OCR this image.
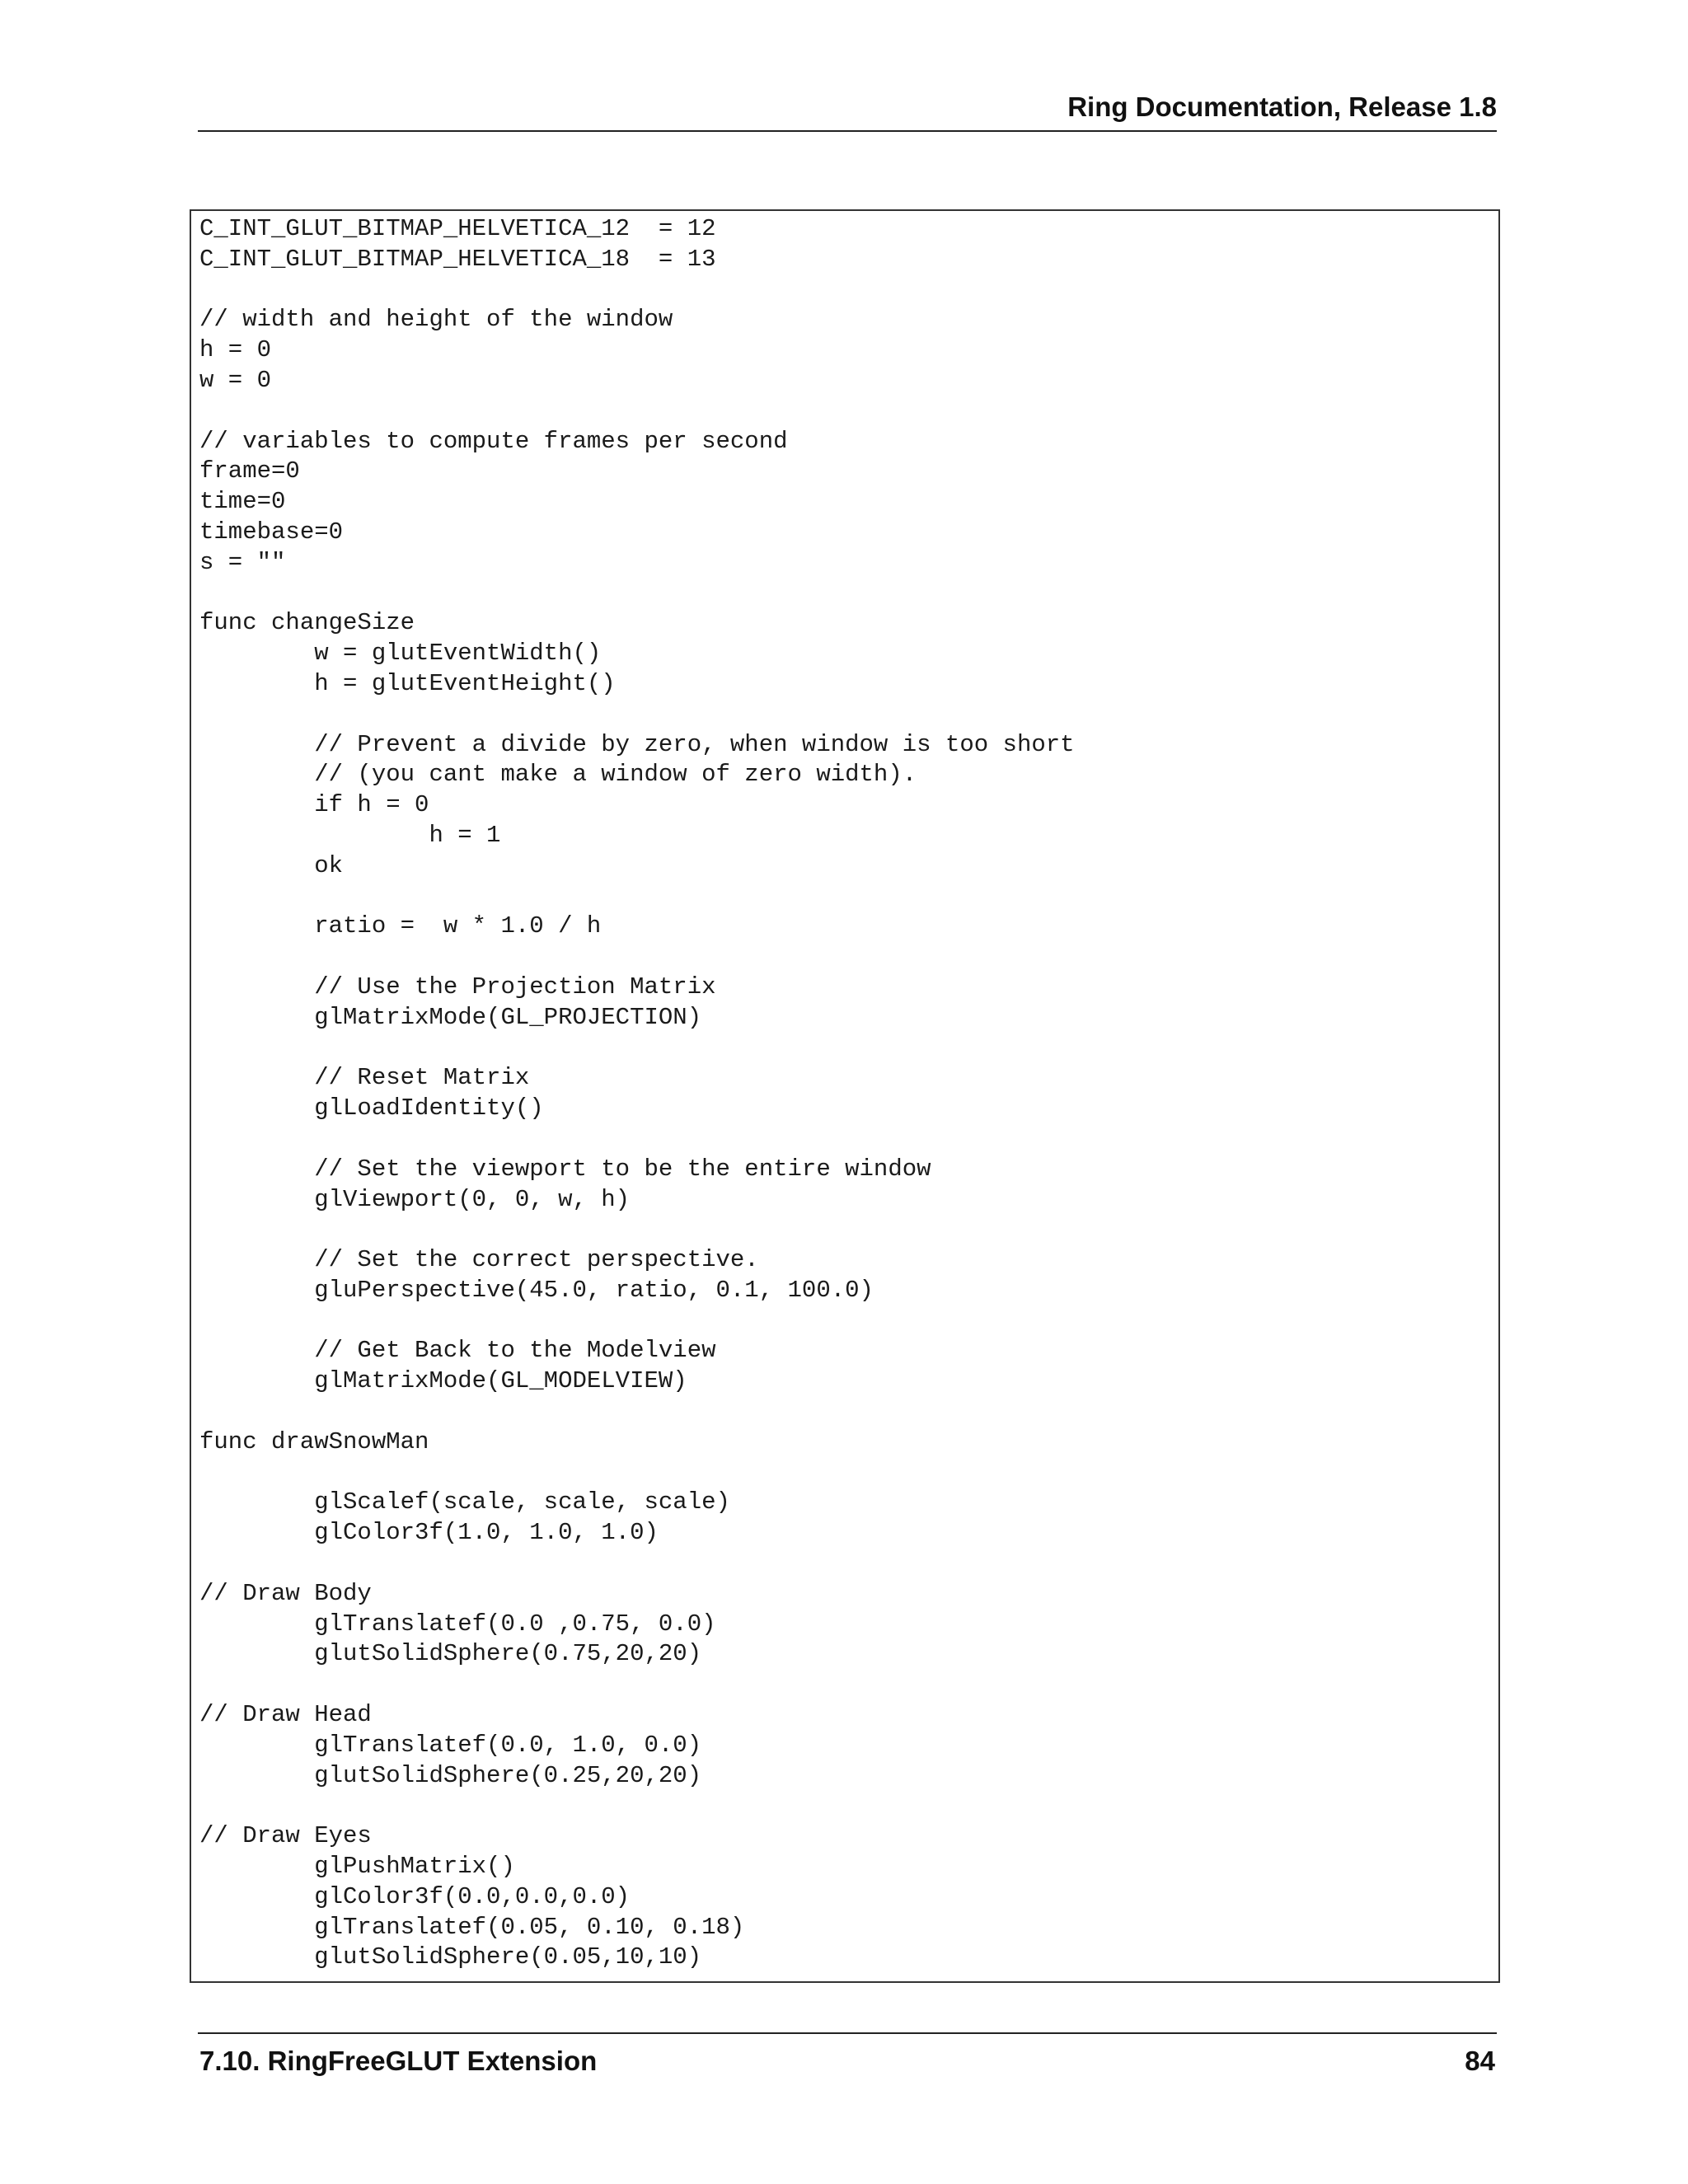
Ring Documentation, Release 1.8
C_INT_GLUT_BITMAP_HELVETICA_12  = 12
C_INT_GLUT_BITMAP_HELVETICA_18  = 13

// width and height of the window
h = 0
w = 0

// variables to compute frames per second
frame=0
time=0
timebase=0
s = ""

func changeSize
w = glutEventWidth()
h = glutEventHeight()

// Prevent a divide by zero, when window is too short
// (you cant make a window of zero width).
if h = 0
h = 1
ok

ratio =  w * 1.0 / h

// Use the Projection Matrix
glMatrixMode(GL_PROJECTION)

// Reset Matrix
glLoadIdentity()

// Set the viewport to be the entire window
glViewport(0, 0, w, h)

// Set the correct perspective.
gluPerspective(45.0, ratio, 0.1, 100.0)

// Get Back to the Modelview
glMatrixMode(GL_MODELVIEW)

func drawSnowMan

glScalef(scale, scale, scale)
glColor3f(1.0, 1.0, 1.0)

// Draw Body
glTranslatef(0.0 ,0.75, 0.0)
glutSolidSphere(0.75,20,20)

// Draw Head
glTranslatef(0.0, 1.0, 0.0)
glutSolidSphere(0.25,20,20)

// Draw Eyes
glPushMatrix()
glColor3f(0.0,0.0,0.0)
glTranslatef(0.05, 0.10, 0.18)
glutSolidSphere(0.05,10,10)
7.10. RingFreeGLUT Extension	84
